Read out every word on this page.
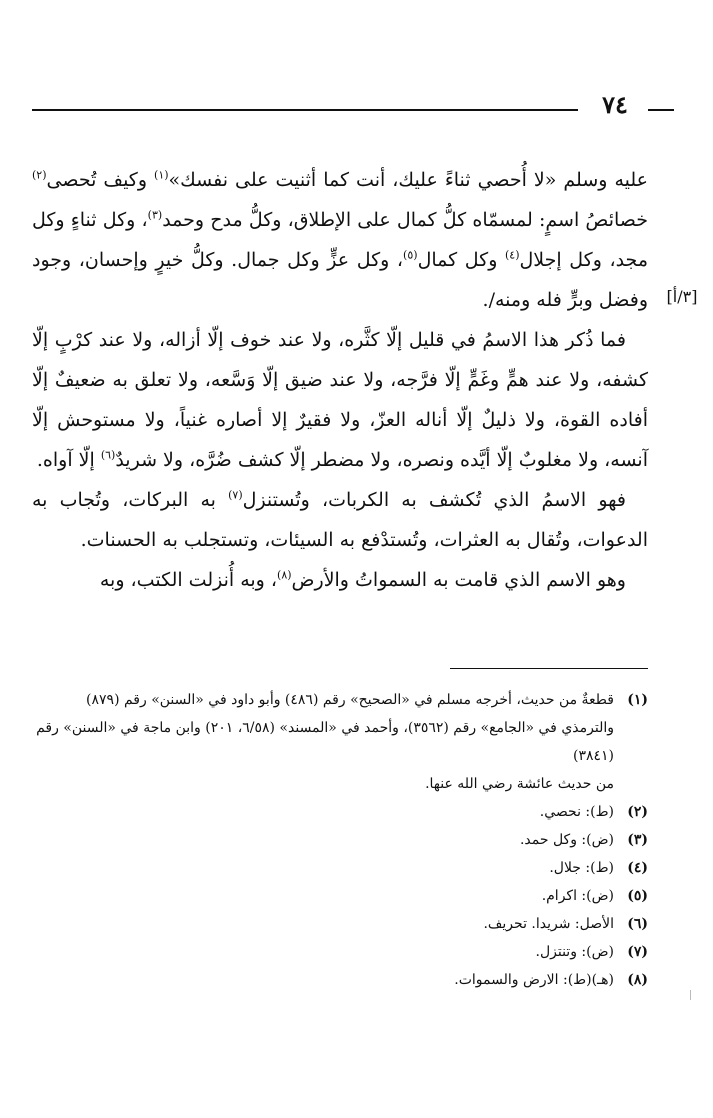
٧٤
[٣/أ]

عليه وسلم «لا أُحصي ثناءً عليك، أنت كما أثنيت على نفسك»$^{(١)}$ وكيف تُحصى$^{(٢)}$ خصائصُ اسمٍ: لمسمّاه كلُّ كمال على الإطلاق، وكلُّ مدح وحمد$^{(٣)}$، وكل ثناءٍ وكل مجد، وكل إجلال$^{(٤)}$ وكل كمال$^{(٥)}$، وكل عزٍّ وكل جمال. وكلُّ خيرٍ وإحسان، وجود وفضل وبرٍّ فله ومنه/.

فما ذُكر هذا الاسمُ في قليل إلّا كثَّره، ولا عند خوف إلّا أزاله، ولا عند كرْبٍ إلّا كشفه، ولا عند همٍّ وغَمٍّ إلّا فرَّجه، ولا عند ضيق إلّا وَسَّعه، ولا تعلق به ضعيفٌ إلّا أفاده القوة، ولا ذليلٌ إلّا أناله العزّ، ولا فقيرٌ إلا أصاره غنياً، ولا مستوحش إلّا آنسه، ولا مغلوبٌ إلّا أيَّده ونصره، ولا مضطر إلّا كشف ضُرَّه، ولا شريدٌ$^{(٦)}$ إلّا آواه.

فهو الاسمُ الذي تُكشف به الكربات، وتُستنزل$^{(٧)}$ به البركات، وتُجاب به الدعوات، وتُقال به العثرات، وتُستدْفع به السيئات، وتستجلب به الحسنات.

وهو الاسم الذي قامت به السمواتُ والأرض$^{(٨)}$، وبه أُنزلت الكتب، وبه

(١)
قطعةٌ من حديث، أخرجه مسلم في «الصحيح» رقم (٤٨٦) وأبو داود في «السنن» رقم (٨٧٩) والترمذي في «الجامع» رقم (٣٥٦٢)، وأحمد في «المسند» (٦/٥٨، ٢٠١) وابن ماجة في «السنن» رقم (٣٨٤١)
من حديث عائشة رضي الله عنها.
(٢)
(ط): نحصي.
(٣)
(ض): وكل حمد.
(٤)
(ط): جلال.
(٥)
(ض): اكرام.
(٦)
الأصل: شريدا. تحريف.
(٧)
(ض): وتنتزل.
(٨)
(هـ)(ط): الارض والسموات.
